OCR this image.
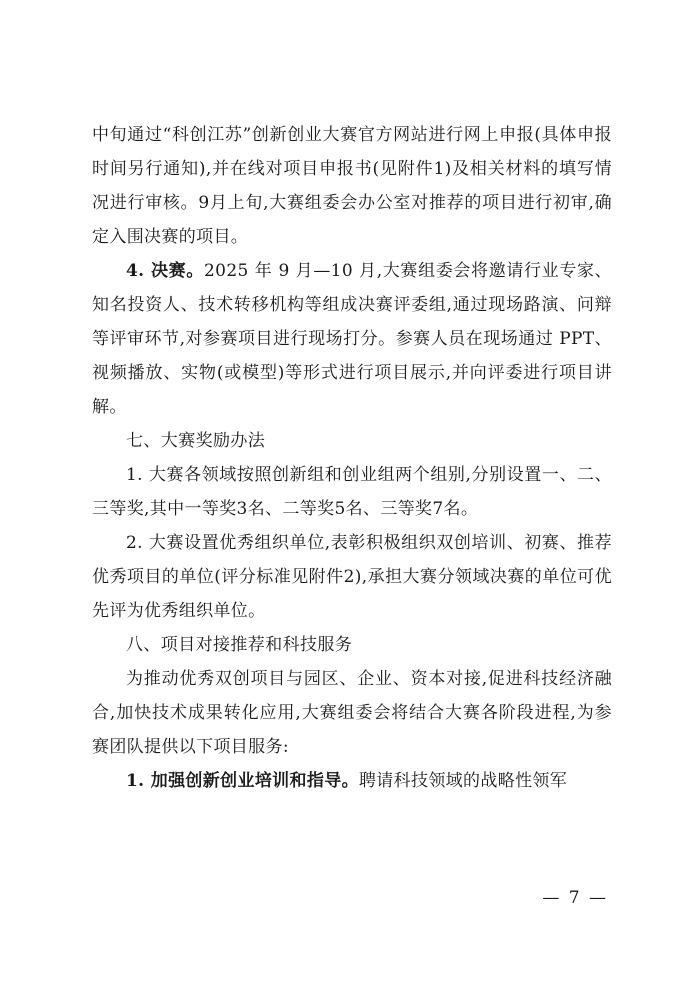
中旬通过“科创江苏”创新创业大赛官方网站进行网上申报(具体申报时间另行通知),并在线对项目申报书(见附件1)及相关材料的填写情况进行审核。9月上旬,大赛组委会办公室对推荐的项目进行初审,确定入围决赛的项目。

4. 决赛。2025 年 9 月—10 月,大赛组委会将邀请行业专家、知名投资人、技术转移机构等组成决赛评委组,通过现场路演、问辩等评审环节,对参赛项目进行现场打分。参赛人员在现场通过 PPT、视频播放、实物(或模型)等形式进行项目展示,并向评委进行项目讲解。

七、大赛奖励办法

1. 大赛各领域按照创新组和创业组两个组别,分别设置一、二、三等奖,其中一等奖3名、二等奖5名、三等奖7名。

2. 大赛设置优秀组织单位,表彰积极组织双创培训、初赛、推荐优秀项目的单位(评分标准见附件2),承担大赛分领域决赛的单位可优先评为优秀组织单位。

八、项目对接推荐和科技服务

为推动优秀双创项目与园区、企业、资本对接,促进科技经济融合,加快技术成果转化应用,大赛组委会将结合大赛各阶段进程,为参赛团队提供以下项目服务:

1. 加强创新创业培训和指导。聘请科技领域的战略性领军

— 7 —
